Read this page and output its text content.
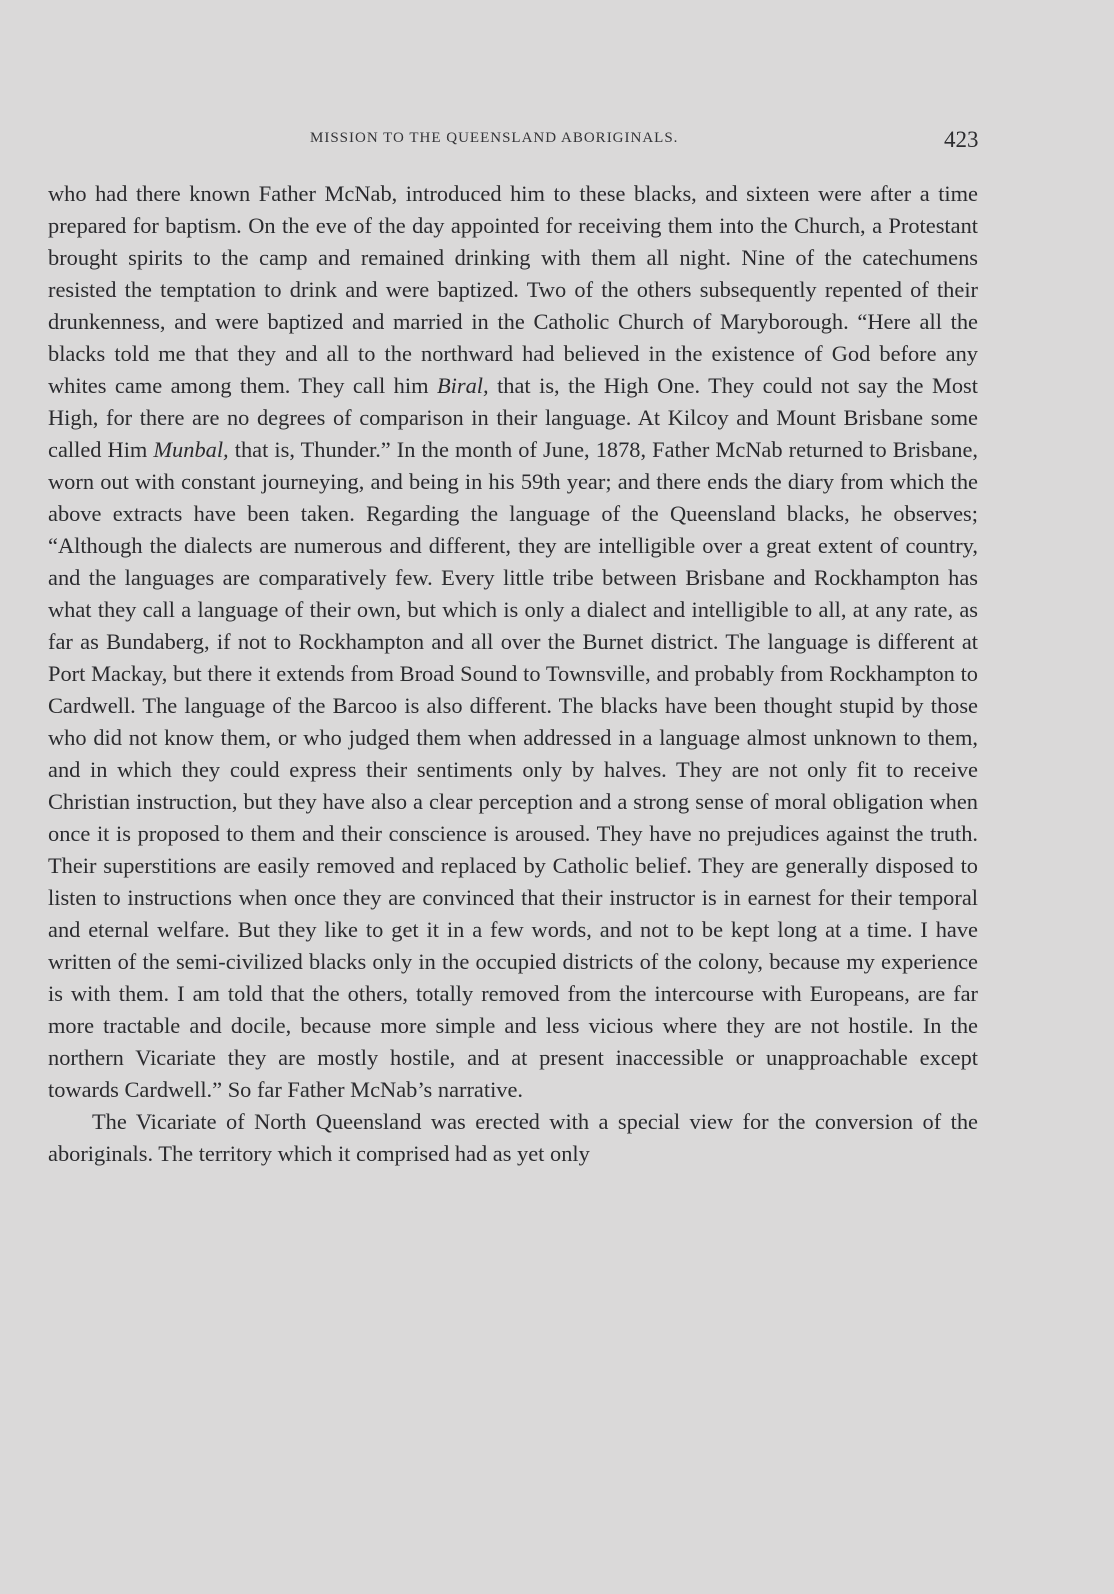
MISSION TO THE QUEENSLAND ABORIGINALS.	423

who had there known Father McNab, introduced him to these blacks, and sixteen were after a time prepared for baptism. On the eve of the day appointed for receiving them into the Church, a Protestant brought spirits to the camp and remained drinking with them all night. Nine of the catechumens resisted the temptation to drink and were baptized. Two of the others subsequently repented of their drunkenness, and were baptized and married in the Catholic Church of Maryborough. “Here all the blacks told me that they and all to the northward had believed in the existence of God before any whites came among them. They call him Biral, that is, the High One. They could not say the Most High, for there are no degrees of comparison in their language. At Kilcoy and Mount Brisbane some called Him Munbal, that is, Thunder.” In the month of June, 1878, Father McNab returned to Brisbane, worn out with constant journeying, and being in his 59th year; and there ends the diary from which the above extracts have been taken. Regarding the language of the Queensland blacks, he observes; “Although the dialects are numerous and different, they are intelligible over a great extent of country, and the languages are comparatively few. Every little tribe between Brisbane and Rockhampton has what they call a language of their own, but which is only a dialect and intelligible to all, at any rate, as far as Bundaberg, if not to Rockhampton and all over the Burnet district. The language is different at Port Mackay, but there it extends from Broad Sound to Townsville, and probably from Rockhampton to Cardwell. The language of the Barcoo is also different. The blacks have been thought stupid by those who did not know them, or who judged them when addressed in a language almost unknown to them, and in which they could express their sentiments only by halves. They are not only fit to receive Christian instruction, but they have also a clear perception and a strong sense of moral obligation when once it is proposed to them and their conscience is aroused. They have no prejudices against the truth. Their superstitions are easily removed and replaced by Catholic belief. They are generally disposed to listen to instructions when once they are convinced that their instructor is in earnest for their temporal and eternal welfare. But they like to get it in a few words, and not to be kept long at a time. I have written of the semi-civilized blacks only in the occupied districts of the colony, because my experience is with them. I am told that the others, totally removed from the intercourse with Europeans, are far more tractable and docile, because more simple and less vicious where they are not hostile. In the northern Vicariate they are mostly hostile, and at present inaccessible or unapproachable except towards Cardwell.” So far Father McNab’s narrative.

The Vicariate of North Queensland was erected with a special view for the conversion of the aboriginals. The territory which it comprised had as yet only
